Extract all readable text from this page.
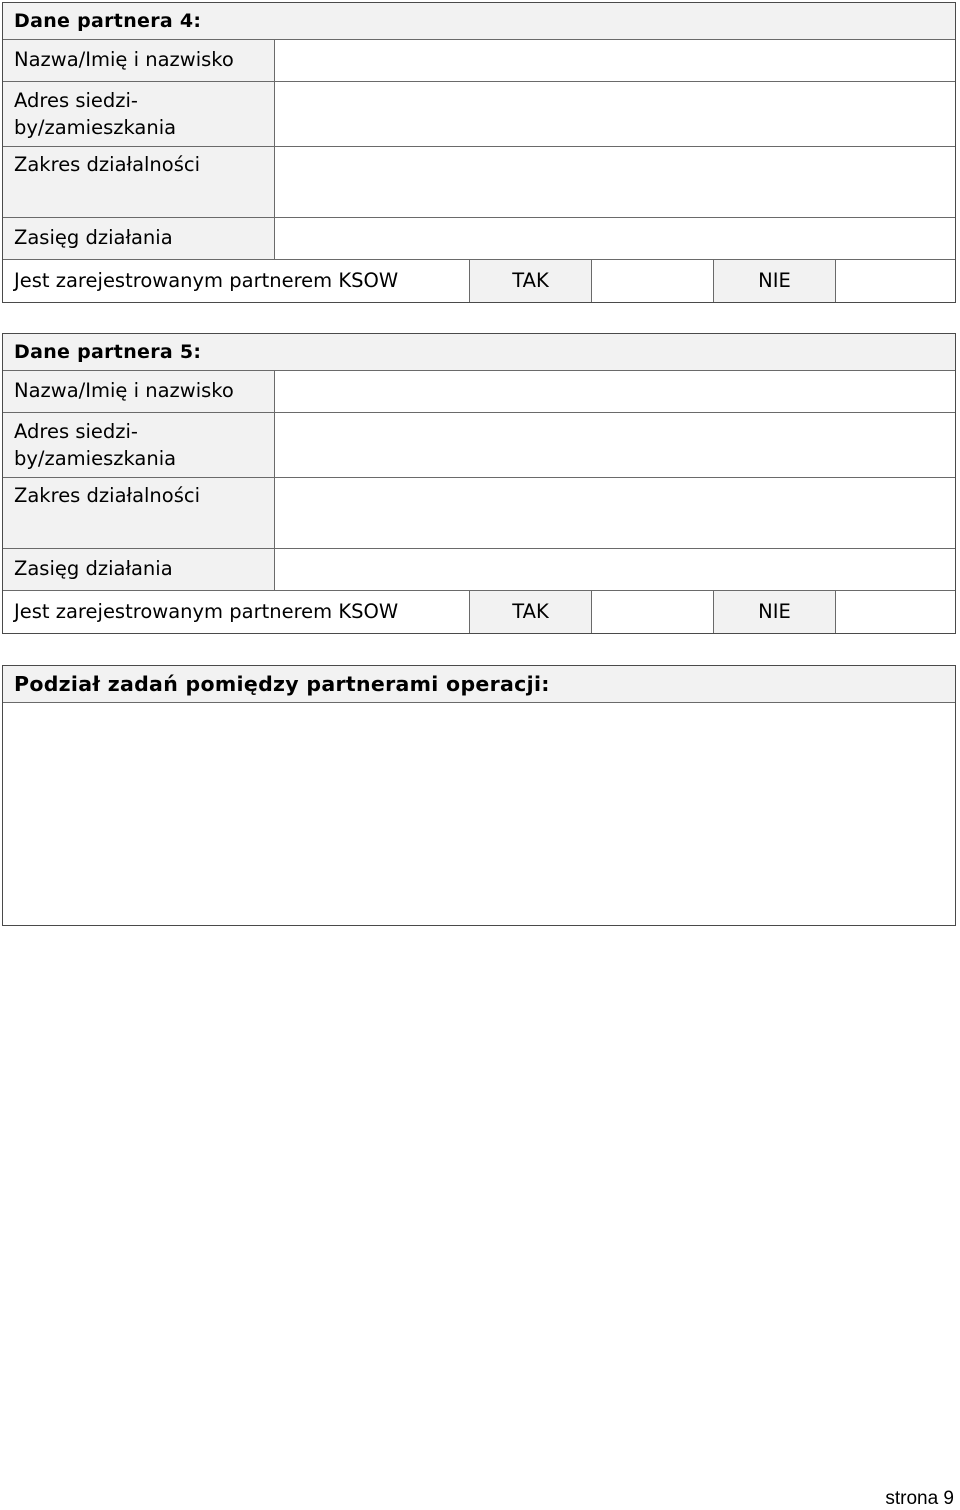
Dane partnera 4:
Nazwa/Imię i nazwisko
Adres siedzi-
by/zamieszkania
Zakres działalności
Zasięg działania
Jest zarejestrowanym partnerem KSOW	TAK	NIE
Dane partnera 5:
Nazwa/Imię i nazwisko
Adres siedzi-
by/zamieszkania
Zakres działalności
Zasięg działania
Jest zarejestrowanym partnerem KSOW	TAK	NIE
Podział zadań pomiędzy partnerami operacji:
strona 9
